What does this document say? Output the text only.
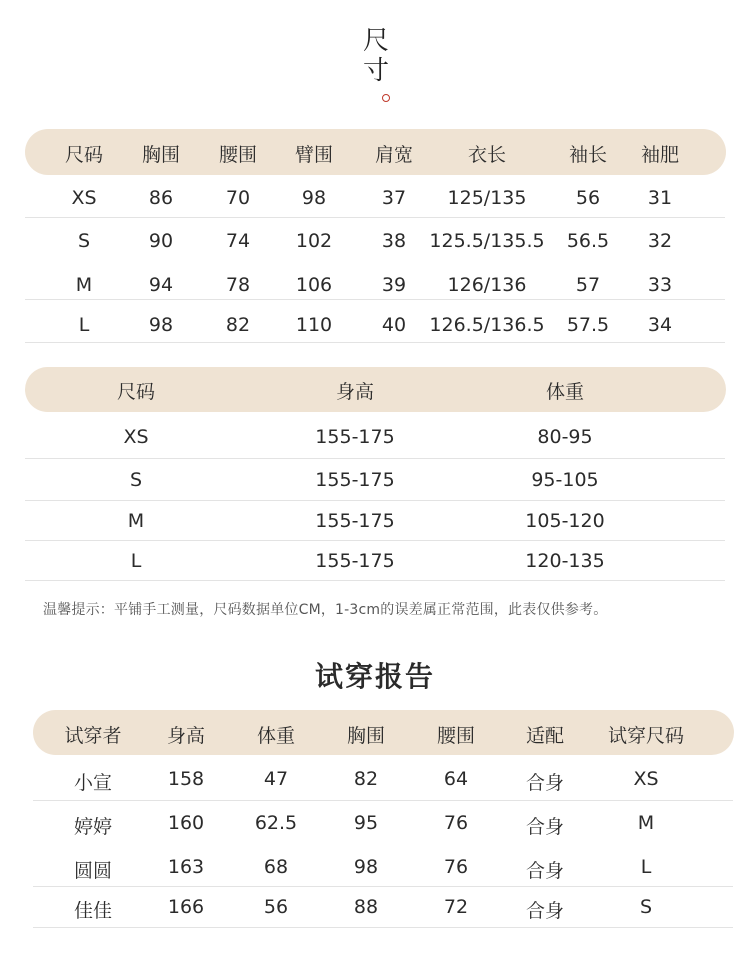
尺
寸
尺码 胸围 腰围 臂围 肩宽	衣长	袖长 袖肥
XS	86	70	98	37 125/135	56	31
S	90	74 102	38 125.5/135.5 56.5 32
M	94	78 106	39 126/136	57	33
L	98	82 110	40 126.5/136.5 57.5 34
尺码	身高	体重
XS	155-175	80-95
S	155-175	95-105
M	155-175	105-120
L	155-175	120-135
温馨提示：平铺手工测量，尺码数据单位CM，1-3cm的误差属正常范围，此表仅供参考。
试穿报告
试穿者 身高	体重	胸围	腰围	适配 试穿尺码
小宣	158	47	82	64	合身	XS
婷婷	160	62.5	95	76	合身	M
圆圆	163	68	98	76	合身	L
佳佳	166	56	88	72	合身	S
